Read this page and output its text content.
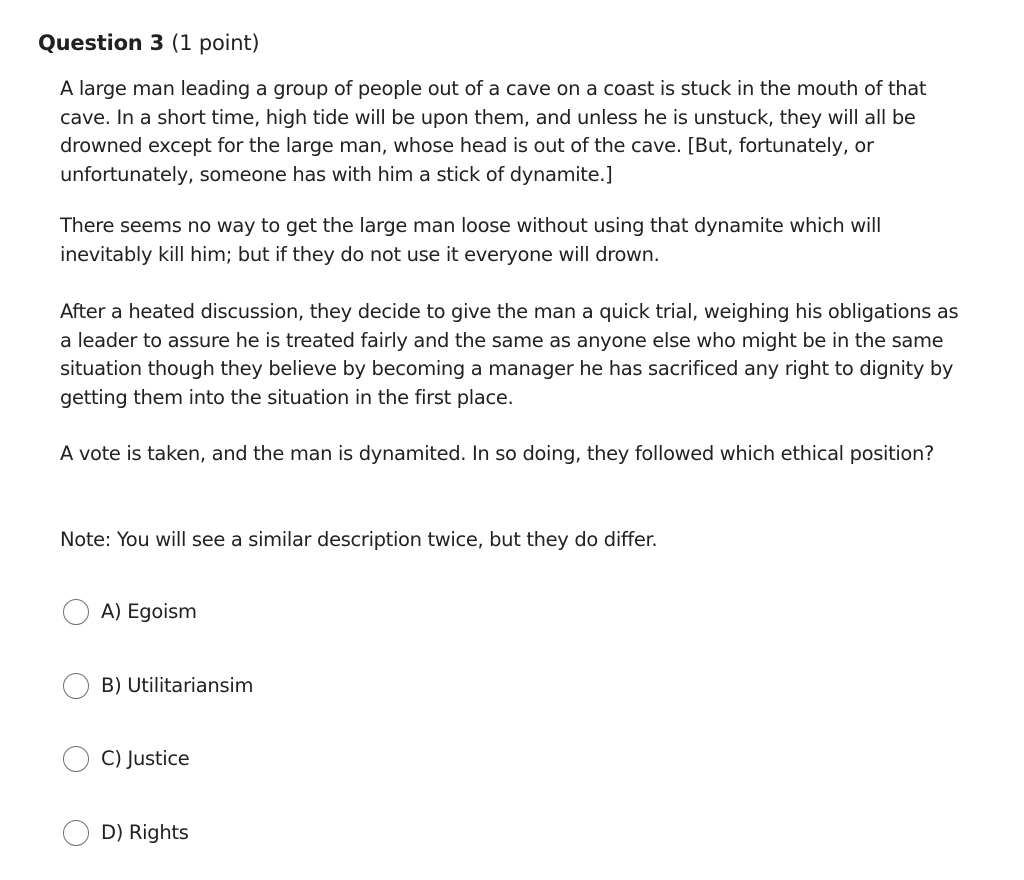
Question 3 (1 point)

A large man leading a group of people out of a cave on a coast is stuck in the mouth of that cave. In a short time, high tide will be upon them, and unless he is unstuck, they will all be drowned except for the large man, whose head is out of the cave. [But, fortunately, or unfortunately, someone has with him a stick of dynamite.]

There seems no way to get the large man loose without using that dynamite which will inevitably kill him; but if they do not use it everyone will drown.

After a heated discussion, they decide to give the man a quick trial, weighing his obligations as a leader to assure he is treated fairly and the same as anyone else who might be in the same situation though they believe by becoming a manager he has sacrificed any right to dignity by getting them into the situation in the first place.

A vote is taken, and the man is dynamited. In so doing, they followed which ethical position?

Note: You will see a similar description twice, but they do differ.

A) Egoism
B) Utilitariansim
C) Justice
D) Rights
